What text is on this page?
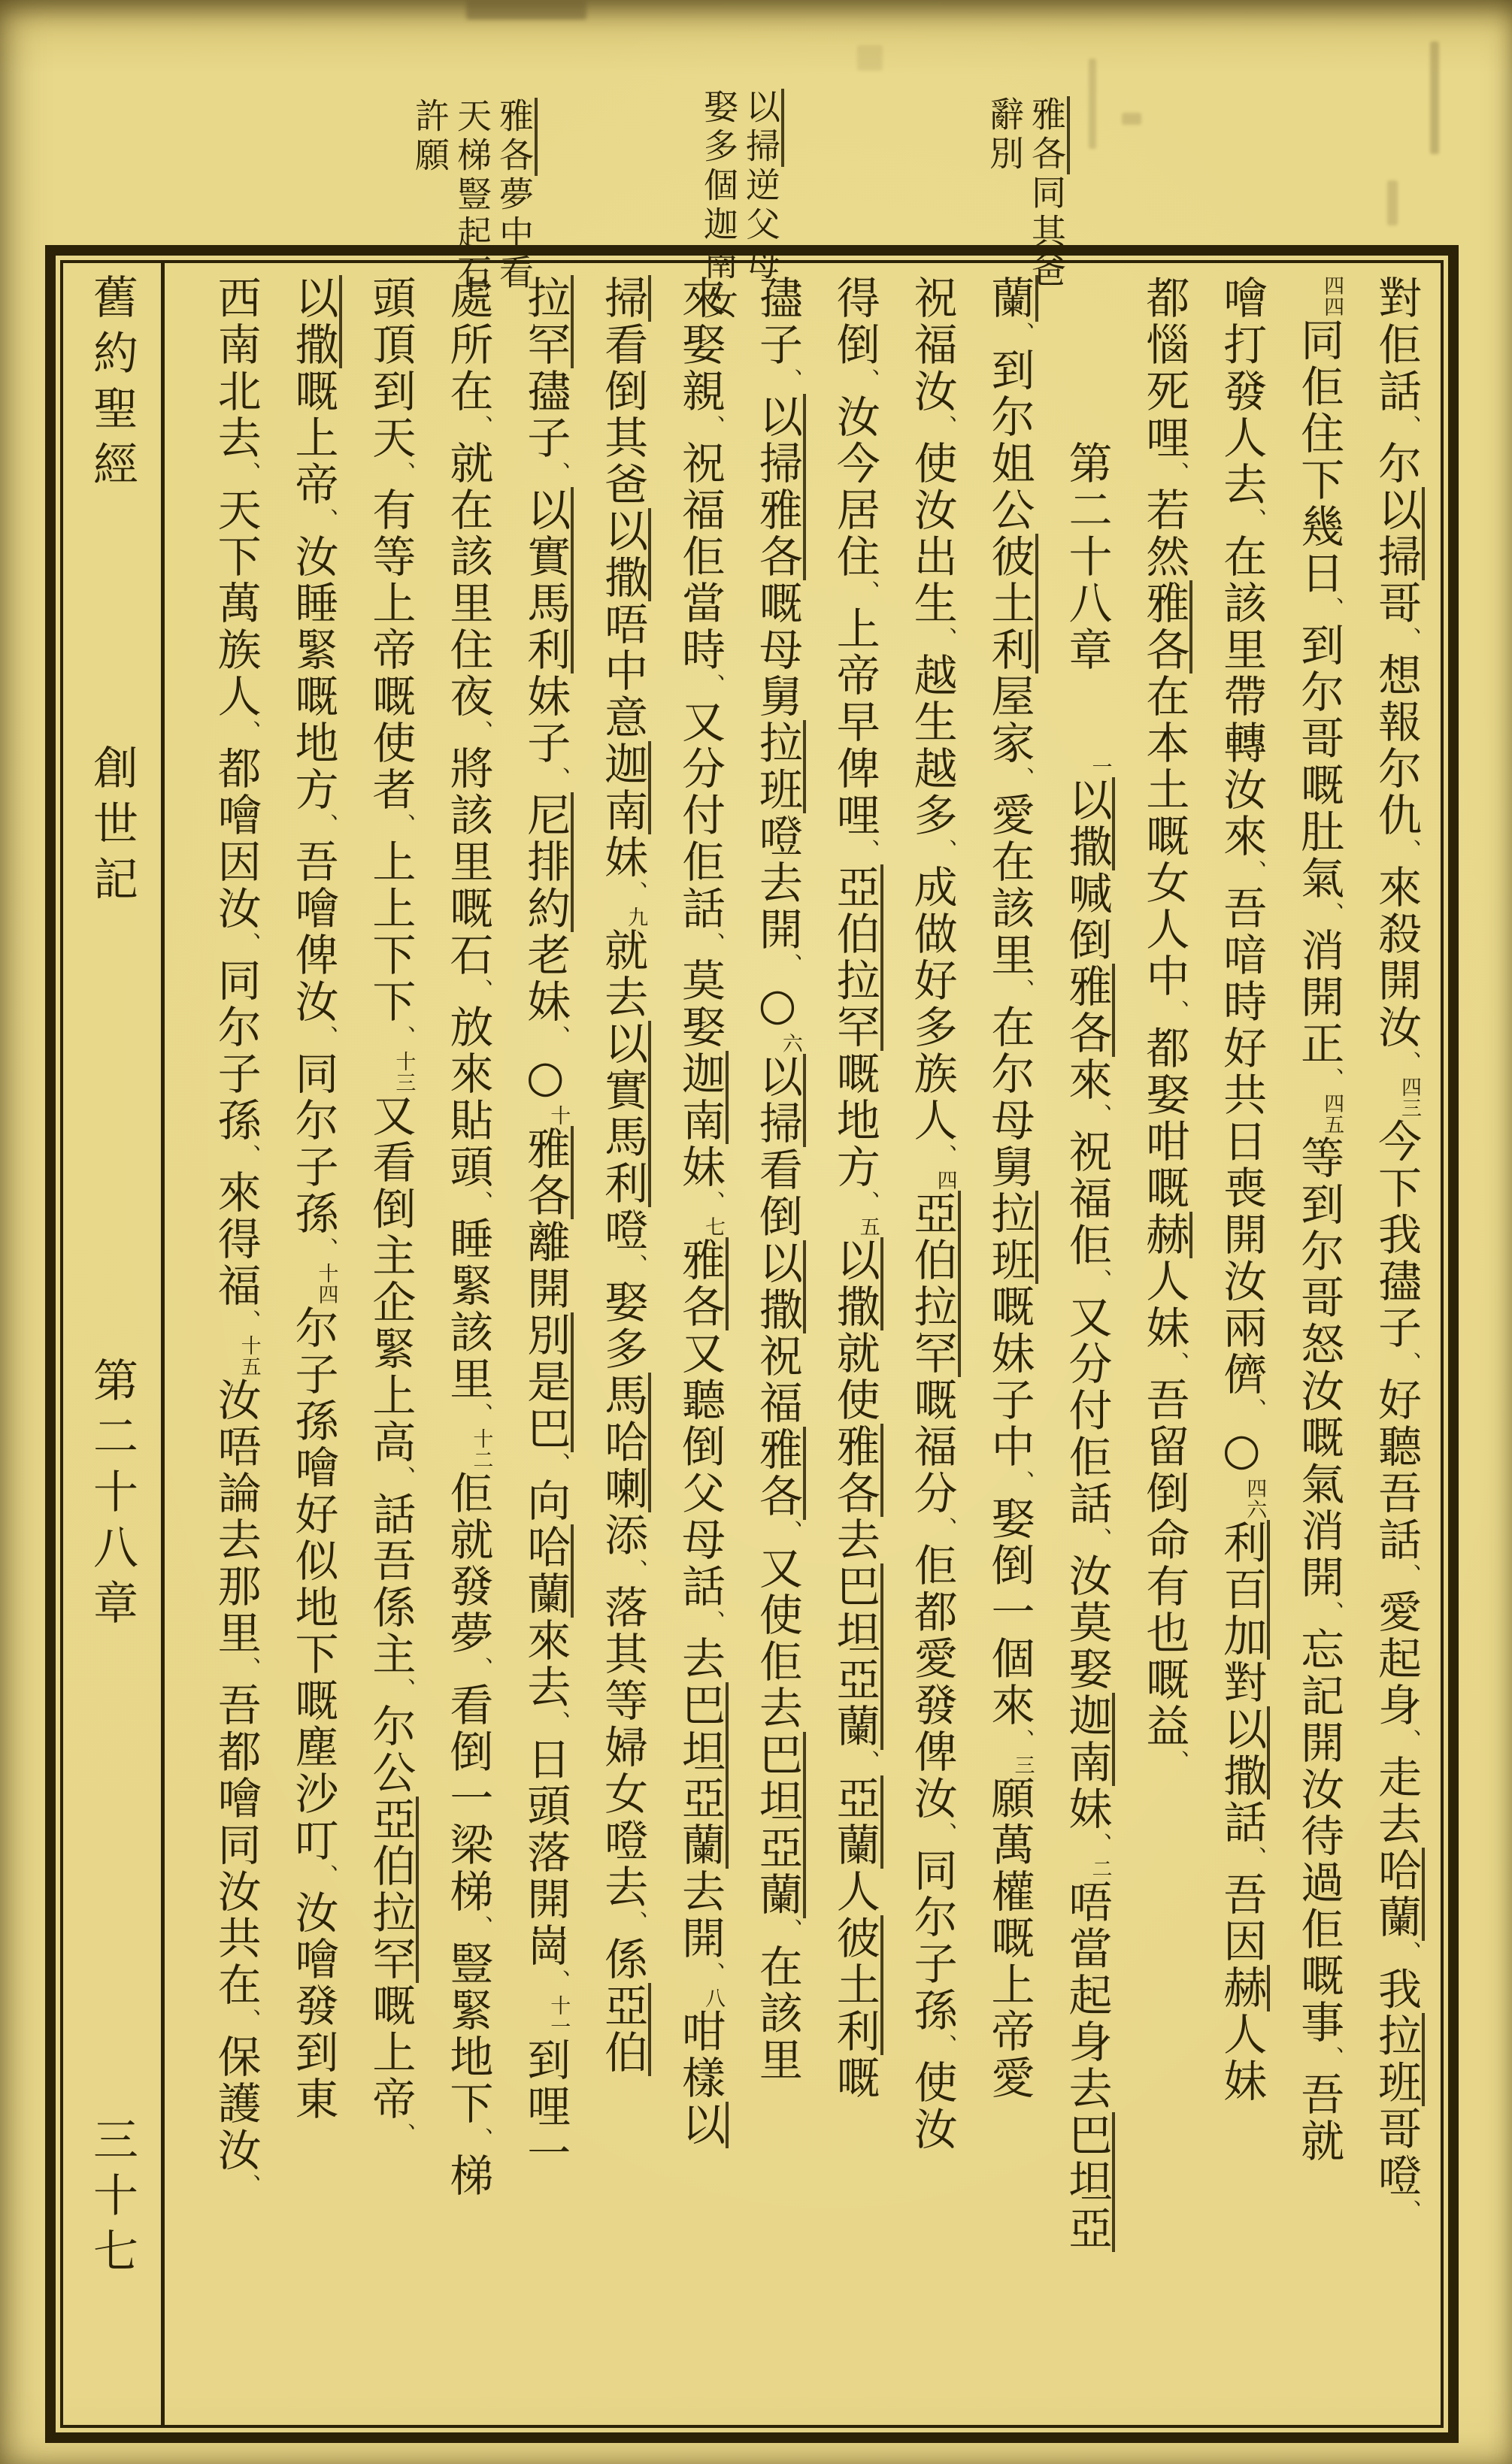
雅各同其爸
辭別
以掃逆父母
娶多個迦南女
雅各夢中看
天梯豎起石
許願
舊約聖經
創世記
第二十八章
三十七
對佢話、尔以掃哥、想報尔仇、來殺開汝、四三今下我孻子、好聽吾話、愛起身、走去哈蘭、我拉班哥噔、
四四同佢住下幾日、到尔哥嘅肚氣、消開正、四五等到尔哥怒汝嘅氣消開、忘記開汝待過佢嘅事、吾就
噲打發人去、在該里帶轉汝來、吾喑時好共日喪開汝兩儕、○四六利百加對以撒話、吾因赫人妹
都惱死哩、若然雅各在本土嘅女人中、都娶咁嘅赫人妹、吾留倒命有也嘅益、
第二十八章一以撒喊倒雅各來、祝福佢、又分付佢話、汝莫娶迦南妹、二唔當起身去巴坦亞
蘭、到尔姐公彼土利屋家、愛在該里、在尔母舅拉班嘅妹子中、娶倒一個來、三願萬權嘅上帝愛
祝福汝、使汝出生、越生越多、成做好多族人、四亞伯拉罕嘅福分、佢都愛發俾汝、同尔子孫、使汝
得倒、汝今居住、上帝早俾哩、亞伯拉罕嘅地方、五以撒就使雅各去巴坦亞蘭、亞蘭人彼土利嘅
孻子、以掃雅各嘅母舅拉班噔去開、○六以掃看倒以撒祝福雅各、又使佢去巴坦亞蘭、在該里
來娶親、祝福佢當時、又分付佢話、莫娶迦南妹、七雅各又聽倒父母話、去巴坦亞蘭去開、八咁樣以
掃看倒其爸以撒唔中意迦南妹、九就去以實馬利噔、娶多馬哈喇添、落其等婦女噔去、係亞伯
拉罕孻子、以實馬利妹子、尼排約老妹、○十雅各離開別是巴、向哈蘭來去、日頭落開崗、十一到哩一
處所在、就在該里住夜、將該里嘅石、放來貼頭、睡緊該里、十二佢就發夢、看倒一梁梯、豎緊地下、梯
頭頂到天、有等上帝嘅使者、上上下下、十三又看倒主企緊上高、話吾係主、尔公亞伯拉罕嘅上帝、
以撒嘅上帝、汝睡緊嘅地方、吾噲俾汝、同尔子孫、十四尔子孫噲好似地下嘅塵沙叮、汝噲發到東
西南北去、天下萬族人、都噲因汝、同尔子孫、來得福、十五汝唔論去那里、吾都噲同汝共在、保護汝、
